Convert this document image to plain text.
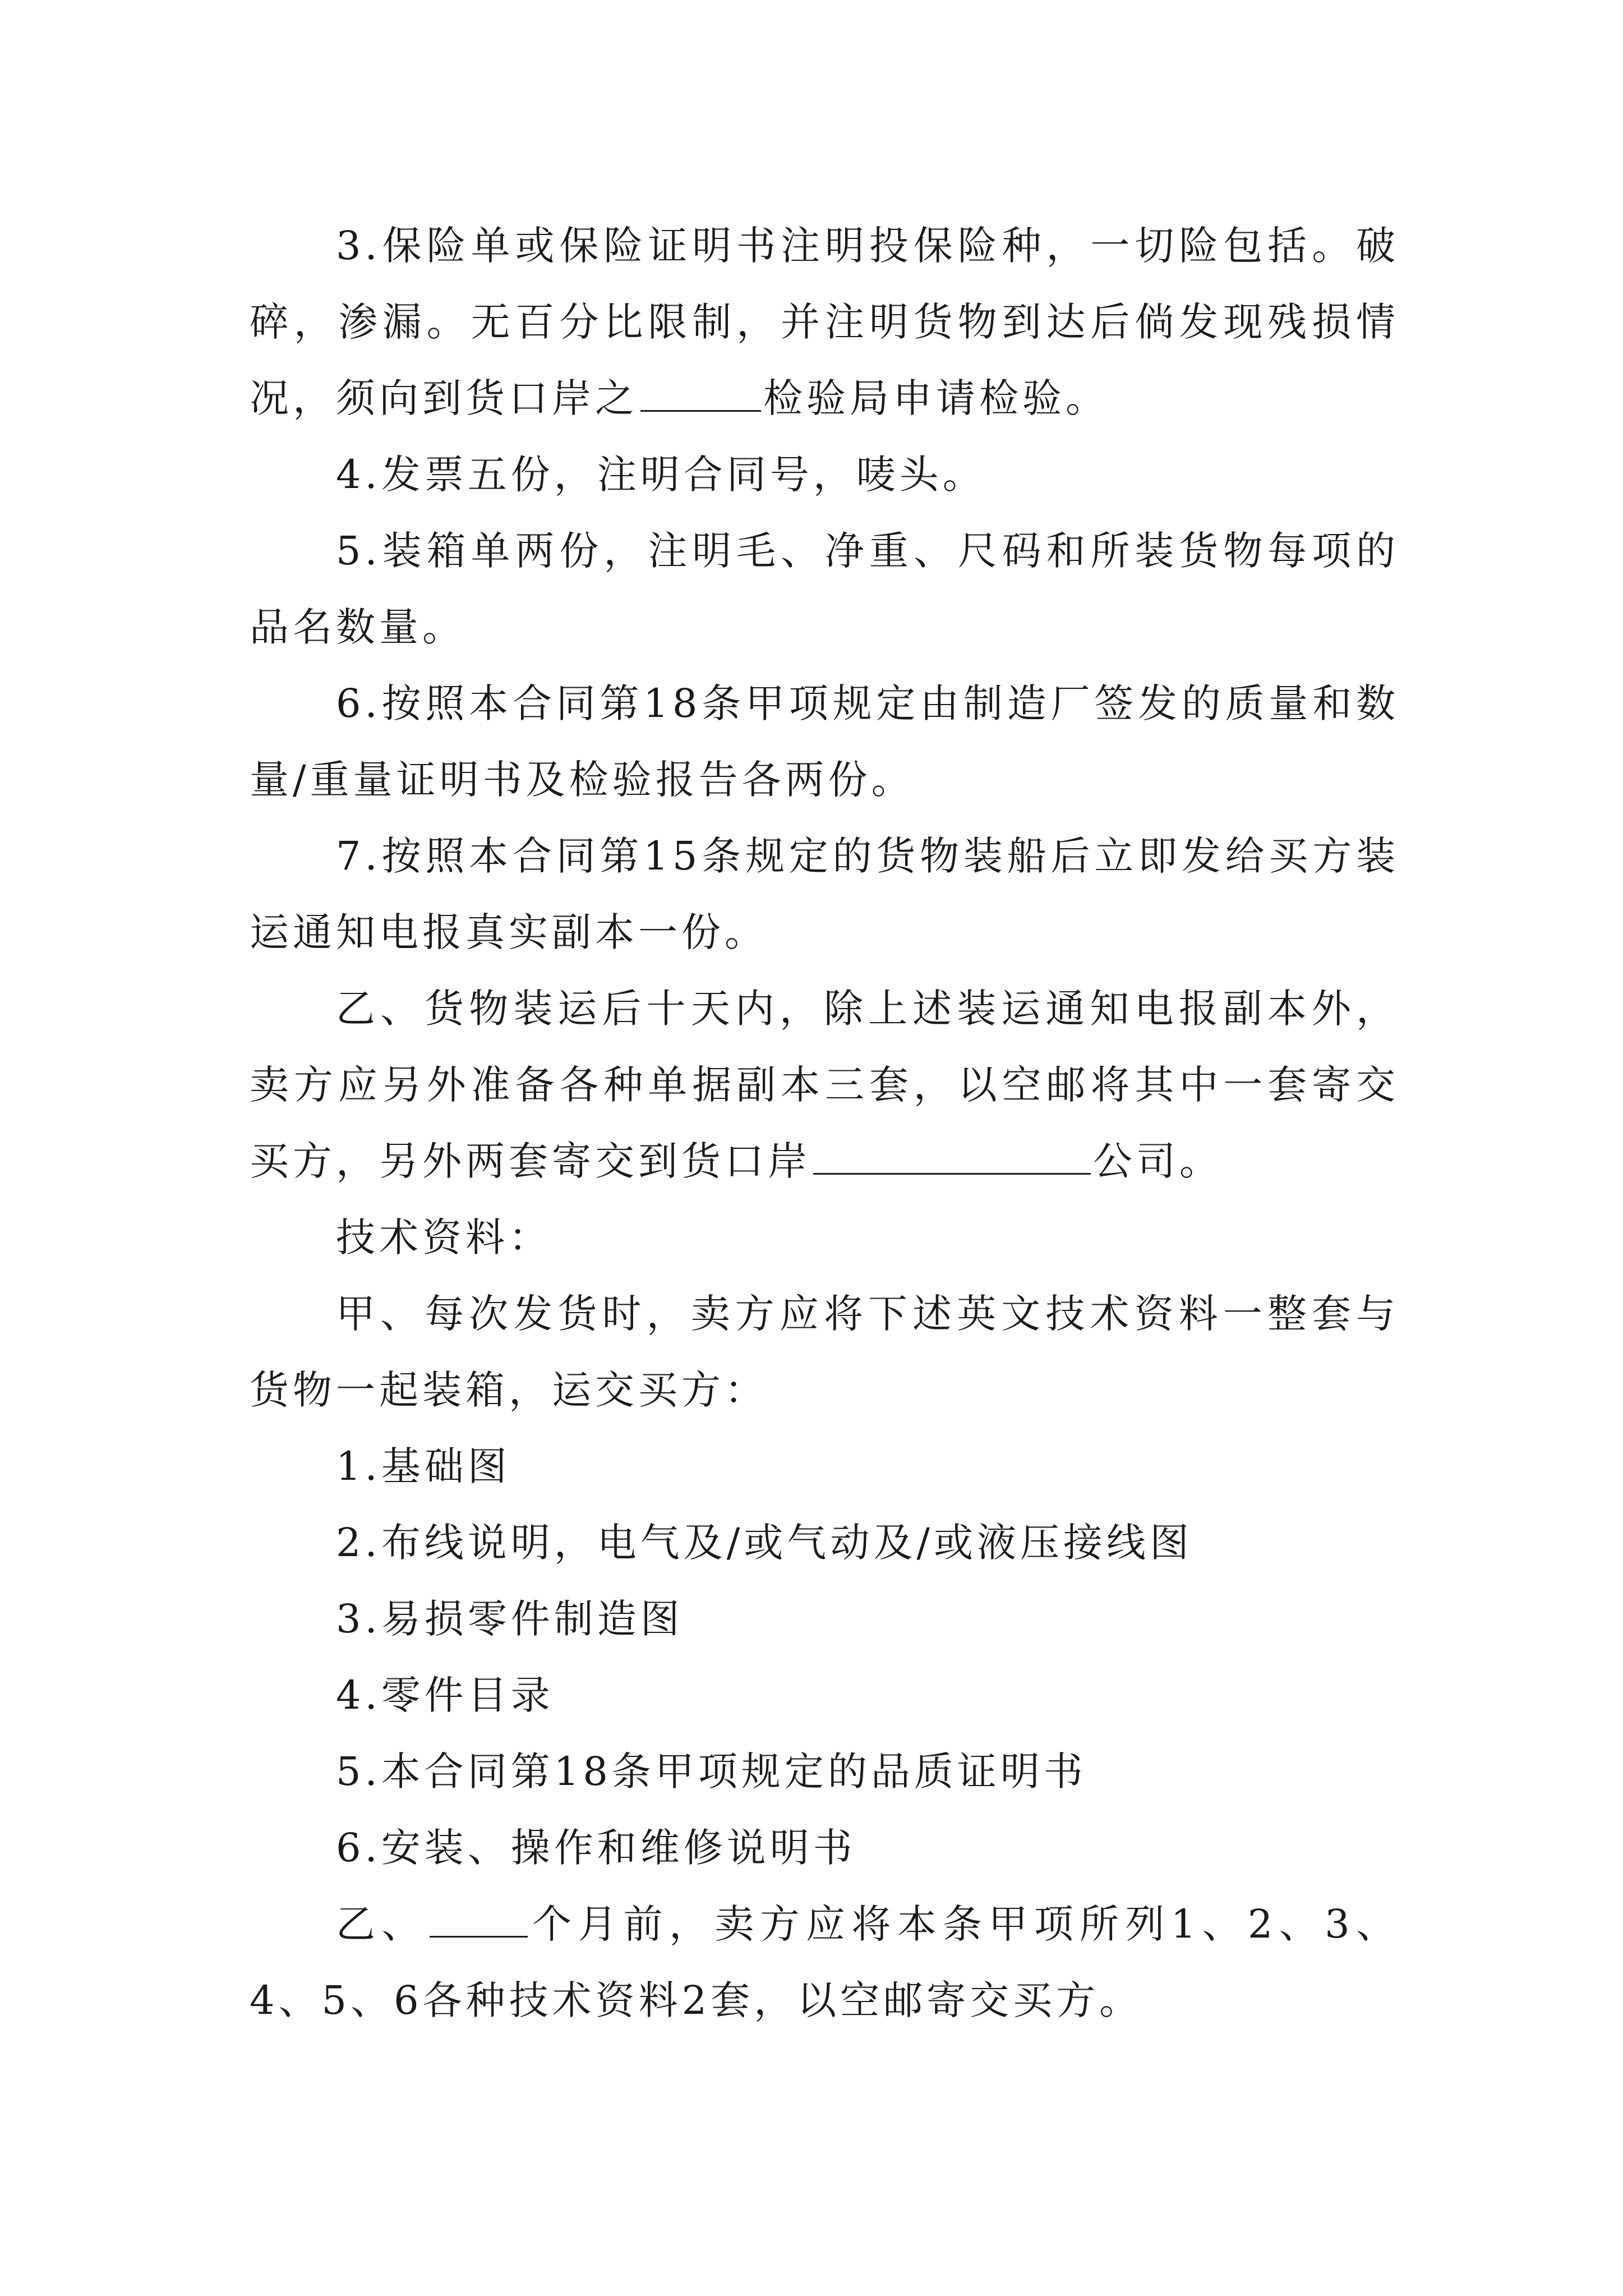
3.保险单或保险证明书注明投保险种，一切险包括。破碎，渗漏。无百分比限制，并注明货物到达后倘发现残损情况，须向到货口岸之	检验局申请检验。

4.发票五份，注明合同号，唛头。

5.装箱单两份，注明毛、净重、尺码和所装货物每项的品名数量。

6.按照本合同第18条甲项规定由制造厂签发的质量和数量/重量证明书及检验报告各两份。

7.按照本合同第15条规定的货物装船后立即发给买方装运通知电报真实副本一份。

乙、货物装运后十天内，除上述装运通知电报副本外，卖方应另外准备各种单据副本三套，以空邮将其中一套寄交买方，另外两套寄交到货口岸	公司。

技术资料：

甲、每次发货时，卖方应将下述英文技术资料一整套与货物一起装箱，运交买方：

1.基础图

2.布线说明，电气及/或气动及/或液压接线图

3.易损零件制造图

4.零件目录

5.本合同第18条甲项规定的品质证明书

6.安装、操作和维修说明书

乙、	个月前，卖方应将本条甲项所列1、2、3、4、5、6各种技术资料2套，以空邮寄交买方。
